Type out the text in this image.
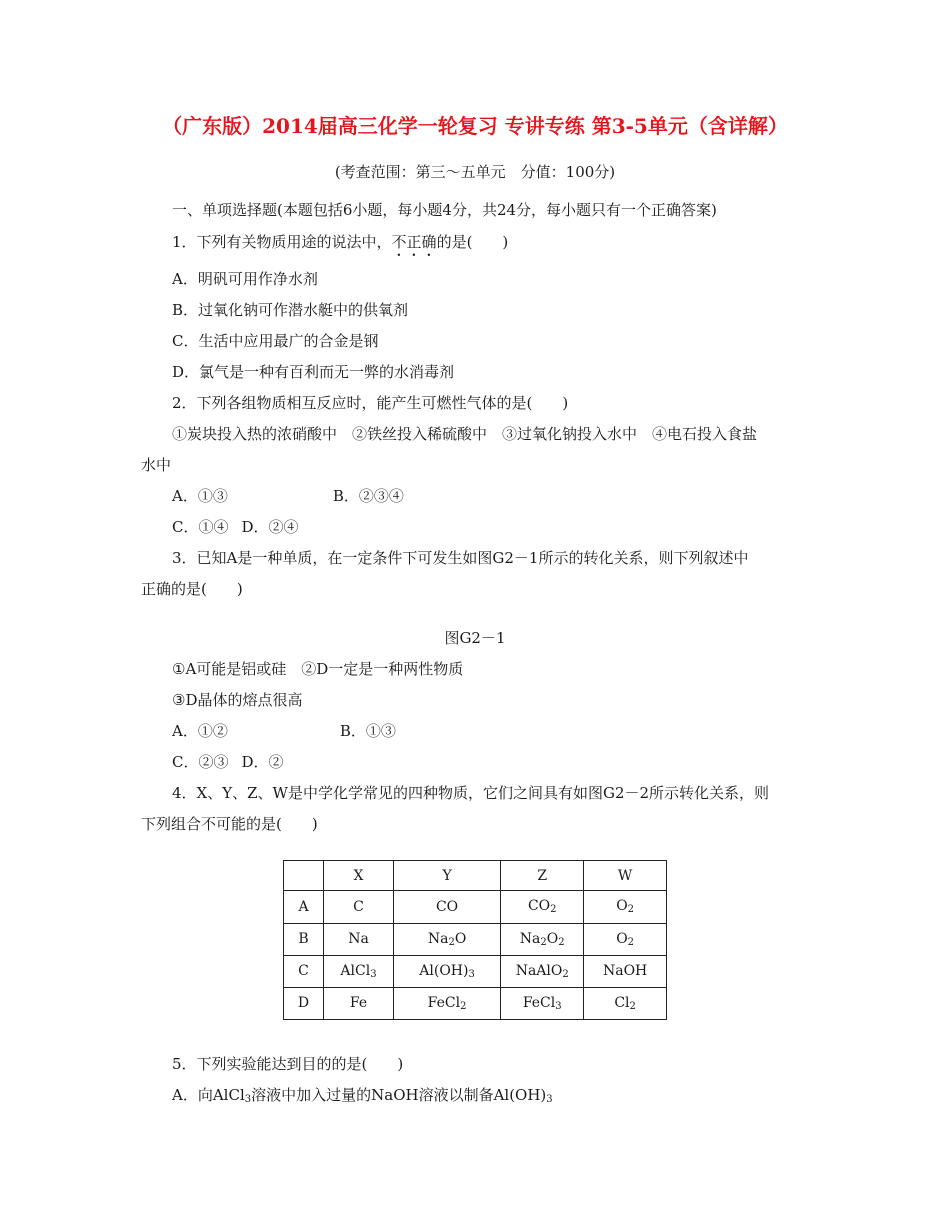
（广东版）2014届高三化学一轮复习 专讲专练 第3-5单元（含详解）
(考查范围：第三～五单元　分值：100分)
一、单项选择题(本题包括6小题，每小题4分，共24分，每小题只有一个正确答案)
1．下列有关物质用途的说法中，不正确的是(　　)
A．明矾可用作净水剂
B．过氧化钠可作潜水艇中的供氧剂
C．生活中应用最广的合金是钢
D．氯气是一种有百利而无一弊的水消毒剂
2．下列各组物质相互反应时，能产生可燃性气体的是(　　)
①炭块投入热的浓硝酸中　②铁丝投入稀硫酸中　③过氧化钠投入水中　④电石投入食盐
水中
A．①③	B．②③④
C．①④ D．②④
3．已知A是一种单质，在一定条件下可发生如图G2－1所示的转化关系，则下列叙述中
正确的是(　　)
图G2－1
①A可能是铝或硅　②D一定是一种两性物质
③D晶体的熔点很高
A．①②	B．①③
C．②③ D．②
4．X、Y、Z、W是中学化学常见的四种物质，它们之间具有如图G2－2所示转化关系，则
下列组合不可能的是(　　)
	X	Y	Z	W
A	C	CO	$CO_2$	$O_2$
B	Na	$Na_2O$	$Na_2O_2$	$O_2$
C	AlCl$_3$	$Al(OH)_3$	NaAlO$_2$	NaOH
D	Fe	FeCl$_2$	FeCl$_3$	$Cl_2$
5．下列实验能达到目的的是(　　)
A．向AlCl$_3$溶液中加入过量的NaOH溶液以制备$Al(OH)_3$
